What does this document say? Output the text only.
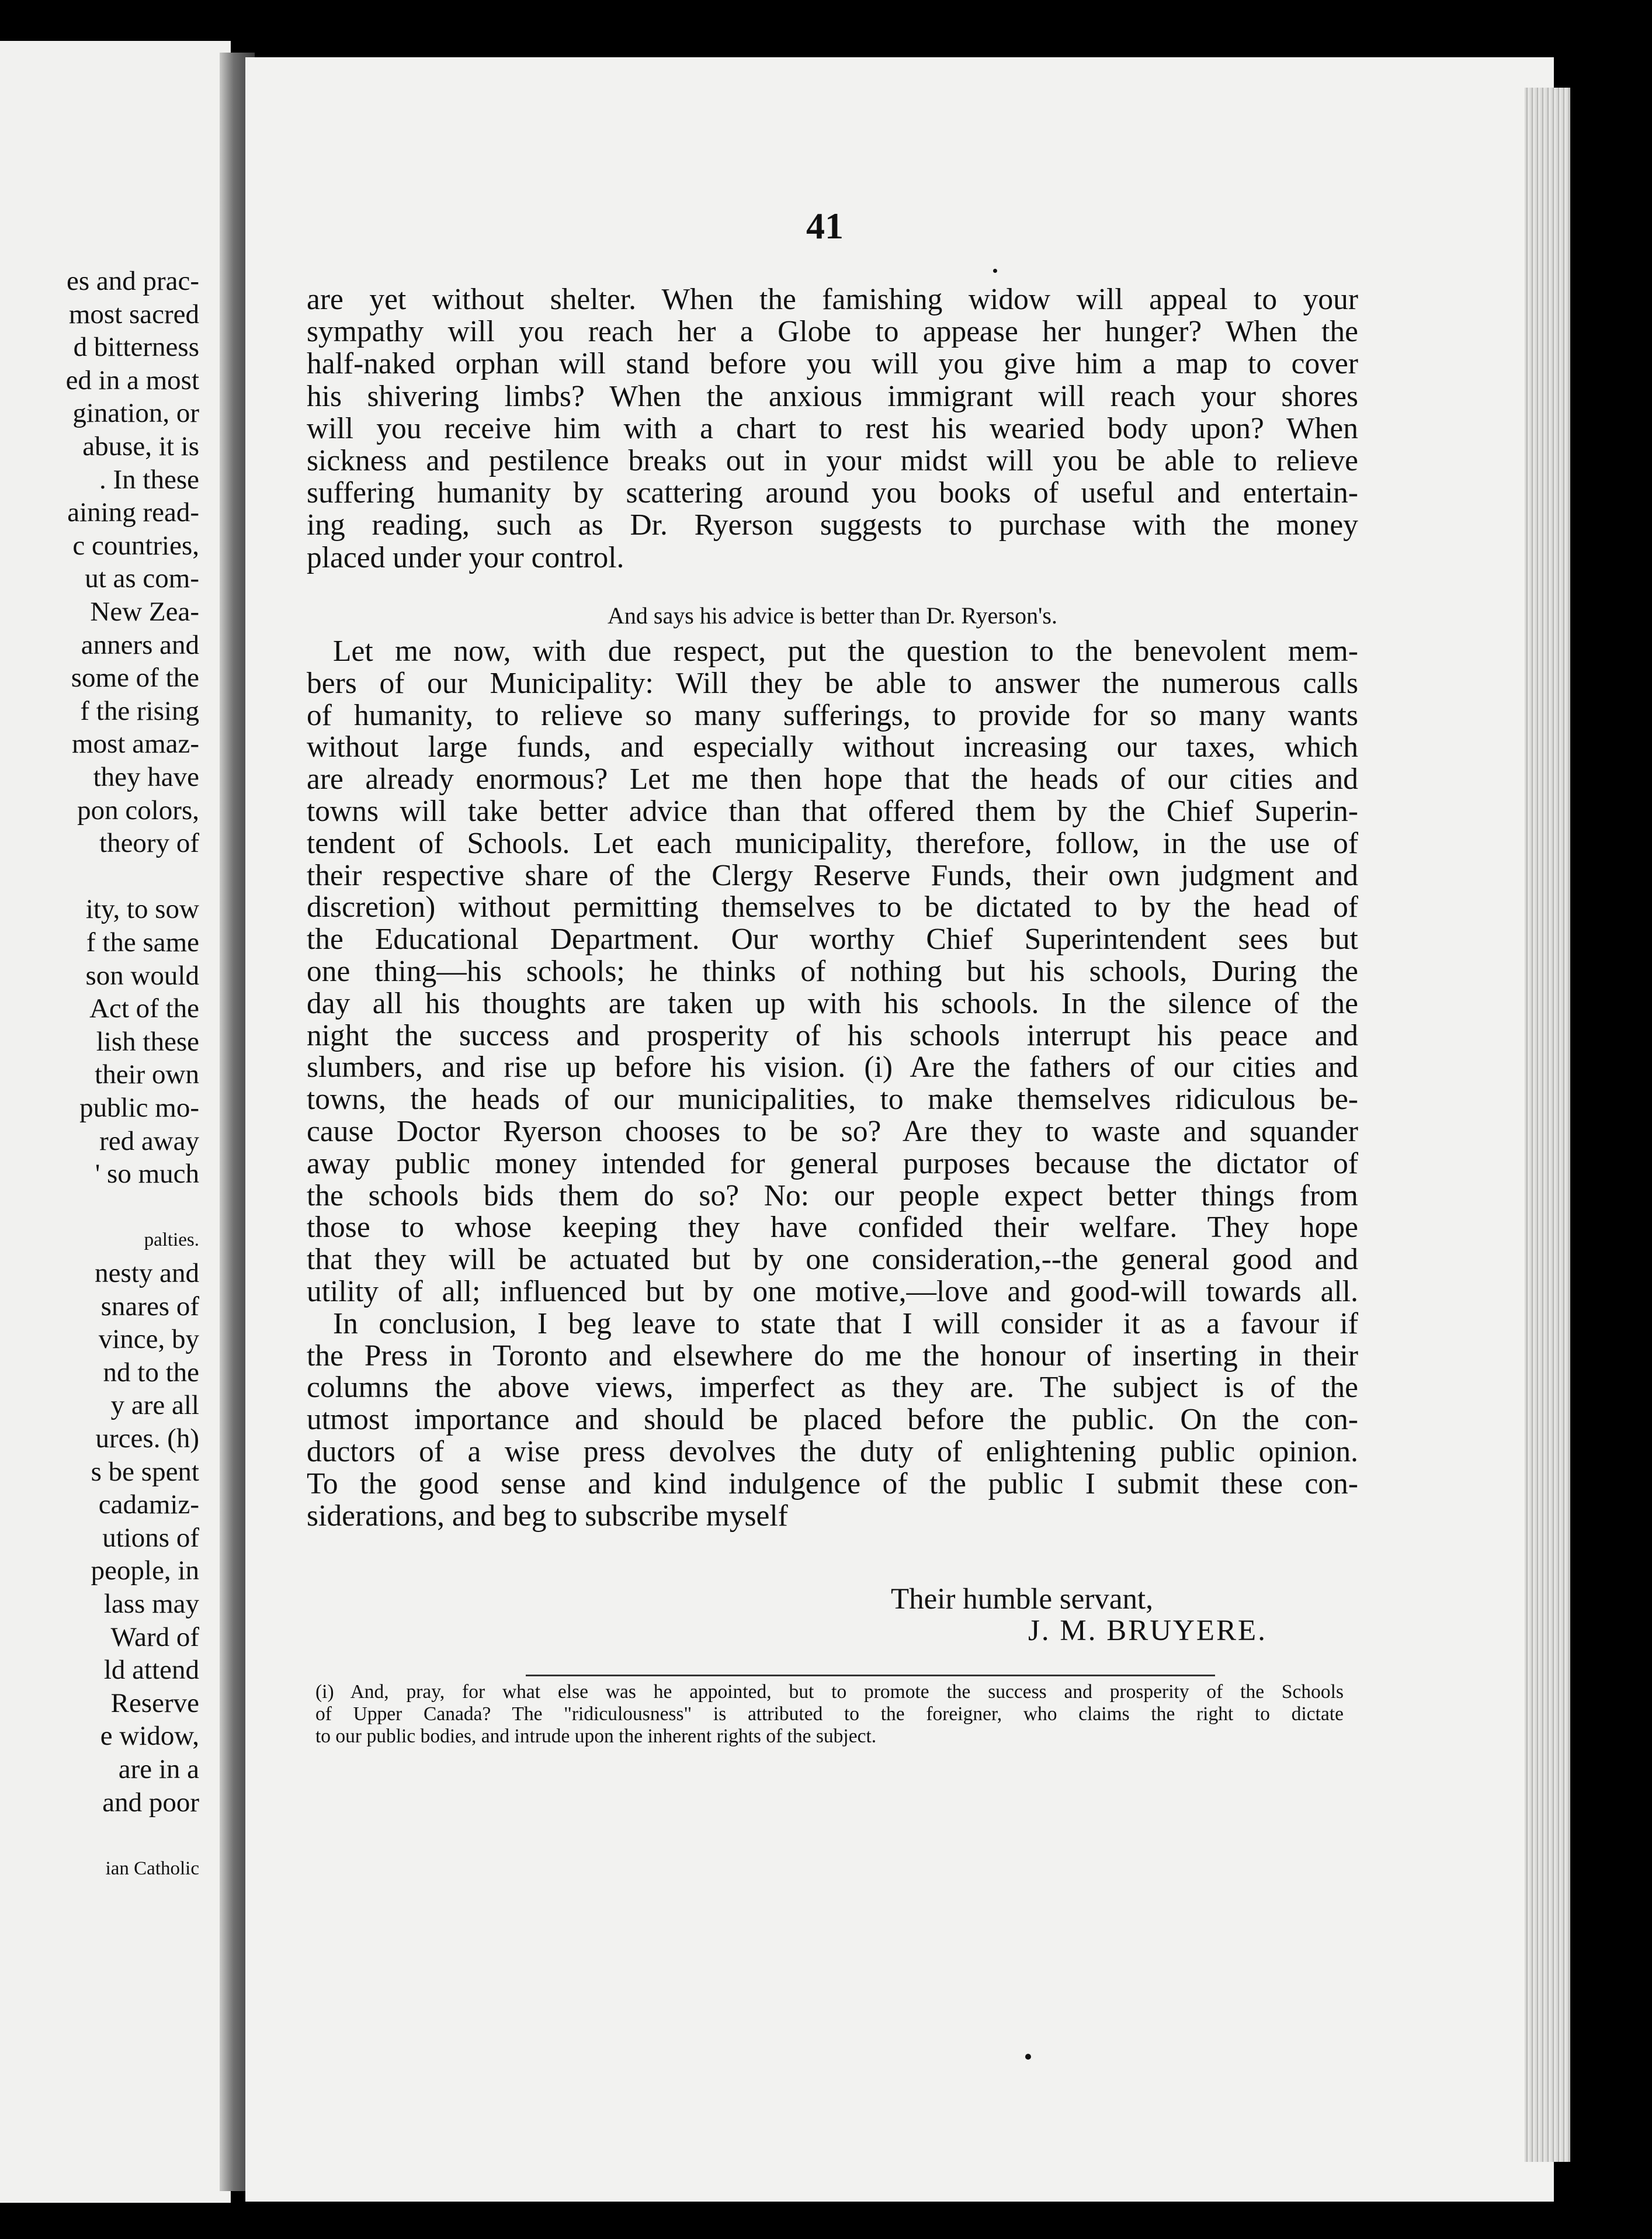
es and prac-
most sacred
d bitterness
ed in a most
gination, or
abuse, it is
. In these
aining read-
c countries,
ut as com-
New Zea-
anners and
some of the
f the rising
most amaz-
they have
pon colors,
theory of
ity, to sow
f the same
son would
Act of the
lish these
their own
public mo-
red away
' so much
palties.
nesty and
snares of
vince, by
nd to the
y are all
urces. (h)
s be spent
cadamiz-
utions of
people, in
lass may
Ward of
ld attend
Reserve
e widow,
are in a
and poor
ian Catholic
41
are yet without shelter. When the famishing widow will appeal to your
sympathy will you reach her a Globe to appease her hunger? When the
half-naked orphan will stand before you will you give him a map to cover
his shivering limbs? When the anxious immigrant will reach your shores
will you receive him with a chart to rest his wearied body upon? When
sickness and pestilence breaks out in your midst will you be able to relieve
suffering humanity by scattering around you books of useful and entertain-
ing reading, such as Dr. Ryerson suggests to purchase with the money
placed under your control.
And says his advice is better than Dr. Ryerson's.
Let me now, with due respect, put the question to the benevolent mem-
bers of our Municipality: Will they be able to answer the numerous calls
of humanity, to relieve so many sufferings, to provide for so many wants
without large funds, and especially without increasing our taxes, which
are already enormous? Let me then hope that the heads of our cities and
towns will take better advice than that offered them by the Chief Superin-
tendent of Schools. Let each municipality, therefore, follow, in the use of
their respective share of the Clergy Reserve Funds, their own judgment and
discretion) without permitting themselves to be dictated to by the head of
the Educational Department. Our worthy Chief Superintendent sees but
one thing—his schools; he thinks of nothing but his schools, During the
day all his thoughts are taken up with his schools. In the silence of the
night the success and prosperity of his schools interrupt his peace and
slumbers, and rise up before his vision. (i) Are the fathers of our cities and
towns, the heads of our municipalities, to make themselves ridiculous be-
cause Doctor Ryerson chooses to be so? Are they to waste and squander
away public money intended for general purposes because the dictator of
the schools bids them do so? No: our people expect better things from
those to whose keeping they have confided their welfare. They hope
that they will be actuated but by one consideration,--the general good and
utility of all; influenced but by one motive,—love and good-will towards all.
In conclusion, I beg leave to state that I will consider it as a favour if
the Press in Toronto and elsewhere do me the honour of inserting in their
columns the above views, imperfect as they are. The subject is of the
utmost importance and should be placed before the public. On the con-
ductors of a wise press devolves the duty of enlightening public opinion.
To the good sense and kind indulgence of the public I submit these con-
siderations, and beg to subscribe myself
Their humble servant,
J. M. BRUYERE.
(i) And, pray, for what else was he appointed, but to promote the success and prosperity of the Schools
of Upper Canada? The "ridiculousness" is attributed to the foreigner, who claims the right to dictate
to our public bodies, and intrude upon the inherent rights of the subject.
